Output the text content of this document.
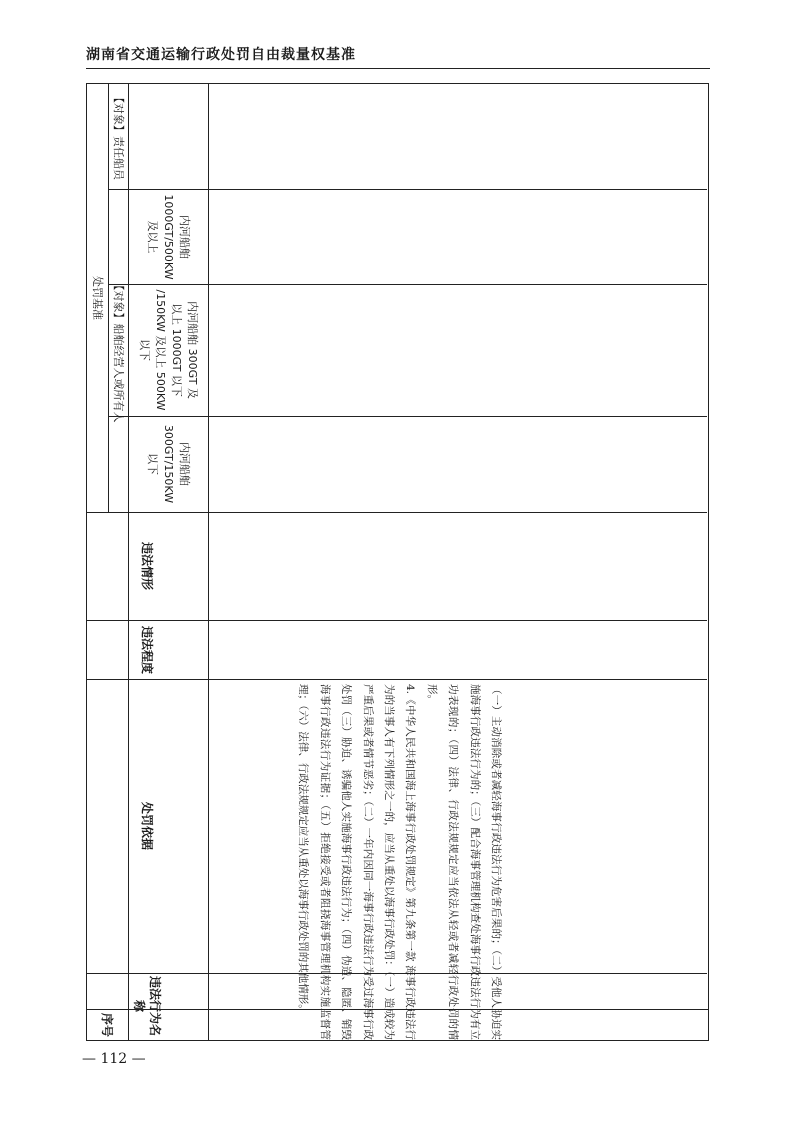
湖南省交通运输行政处罚自由裁量权基准
处罚基准
【对象】责任船员
【对象】船舶经营人或所有人
内河船舶
1000GT/500KW
及以上
内河船舶 300GT 及
以上 1000GT 以下
/150KW 及以上 500KW
以下
内河船舶
300GT/150KW
以下
违法情形
违法程度
处罚依据
违法行为名称
序号	（一）主动消除或者减轻海事行政违法行为危害后果的；（二）受他人胁迫实施海事行政违法行为的；（三）配合海事管理机构查处海事行政违法行为有立功表现的；（四）法律、行政法规规定应当依法从轻或者减轻行政处罚的情形。

4.《中华人民共和国海上海事行政处罚规定》第九条第一款 海事行政违法行为的当事人有下列情形之一的，应当从重处以海事行政处罚：（一）造成较为严重后果或者情节恶劣；（二）一年内因同一海事行政违法行为受过海事行政处罚（三）胁迫、诱骗他人实施海事行政违法行为；（四）伪造、隐匿、销毁海事行政违法行为证据；（五）拒绝接受或者阻挠海事管理机构实施监督管理；（六）法律、行政法规规定应当从重处以海事行政处罚的其他情形。

— 112 —
